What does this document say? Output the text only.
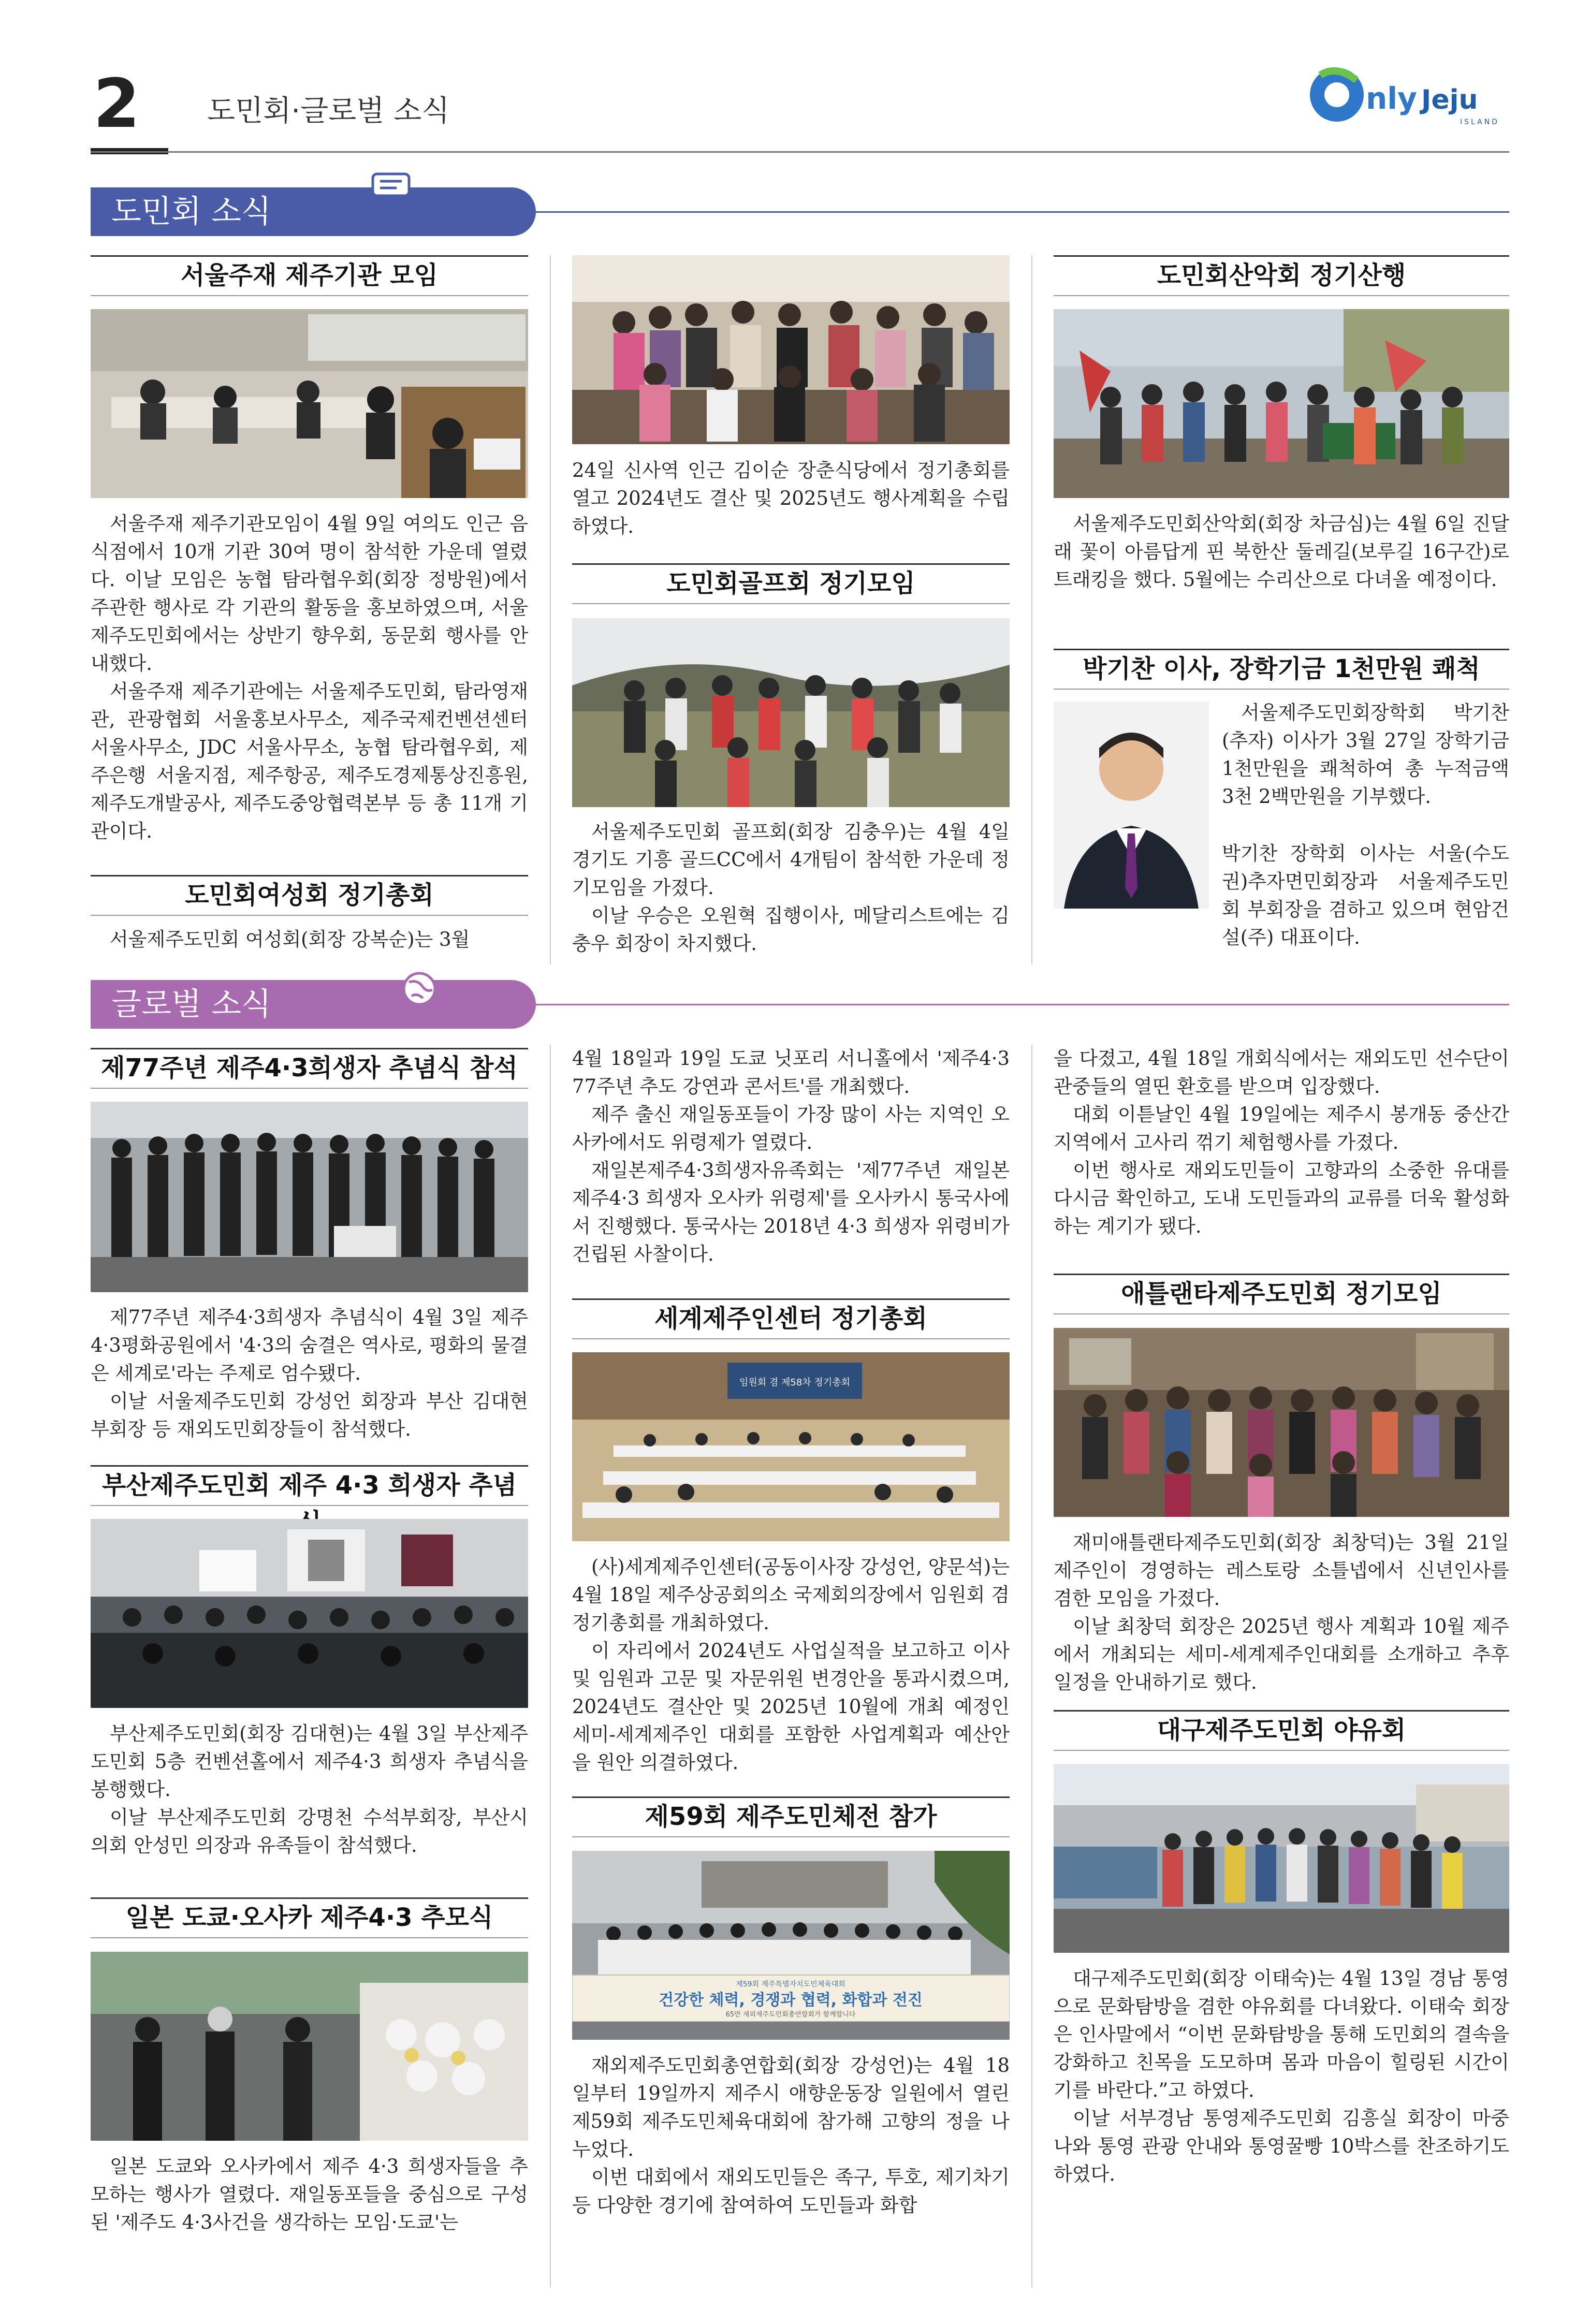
2 도민회·글로벌 소식	nly Jeju
ISLAND
도민회 소식
서울주재 제주기관 모임

서울주재 제주기관모임이 4월 9일 여의도 인근 음식점에서 10개 기관 30여 명이 참석한 가운데 열렸다. 이날 모임은 농협 탐라협우회(회장 정방원)에서 주관한 행사로 각 기관의 활동을 홍보하였으며, 서울제주도민회에서는 상반기 향우회, 동문회 행사를 안내했다.

서울주재 제주기관에는 서울제주도민회, 탐라영재관, 관광협회 서울홍보사무소, 제주국제컨벤션센터 서울사무소, JDC 서울사무소, 농협 탐라협우회, 제주은행 서울지점, 제주항공, 제주도경제통상진흥원, 제주도개발공사, 제주도중앙협력본부 등 총 11개 기관이다.

도민회여성회 정기총회

서울제주도민회 여성회(회장 강복순)는 3월

24일 신사역 인근 김이순 장춘식당에서 정기총회를 열고 2024년도 결산 및 2025년도 행사계획을 수립하였다.

도민회골프회 정기모임

서울제주도민회 골프회(회장 김충우)는 4월 4일 경기도 기흥 골드CC에서 4개팀이 참석한 가운데 정기모임을 가졌다.

이날 우승은 오원혁 집행이사, 메달리스트에는 김충우 회장이 차지했다.

도민회산악회 정기산행

서울제주도민회산악회(회장 차금심)는 4월 6일 진달래 꽃이 아름답게 핀 북한산 둘레길(보루길 16구간)로 트래킹을 했다. 5월에는 수리산으로 다녀올 예정이다.

박기찬 이사, 장학기금 1천만원 쾌척

서울제주도민회장학회 박기찬(추자) 이사가 3월 27일 장학기금 1천만원을 쾌척하여 총 누적금액 3천 2백만원을 기부했다.

박기찬 장학회 이사는 서울(수도권)추자면민회장과 서울제주도민회 부회장을 겸하고 있으며 현암건설(주) 대표이다.

글로벌 소식
제77주년 제주4·3희생자 추념식 참석

제77주년 제주4·3희생자 추념식이 4월 3일 제주4·3평화공원에서 '4·3의 숨결은 역사로, 평화의 물결은 세계로'라는 주제로 엄수됐다.

이날 서울제주도민회 강성언 회장과 부산 김대현 부회장 등 재외도민회장들이 참석했다.

부산제주도민회 제주 4·3 희생자 추념

부산제주도민회(회장 김대현)는 4월 3일 부산제주도민회 5층 컨벤션홀에서 제주4·3 희생자 추념식을 봉행했다.

이날 부산제주도민회 강명천 수석부회장, 부산시의회 안성민 의장과 유족들이 참석했다.

일본 도쿄·오사카 제주4·3 추모식

일본 도쿄와 오사카에서 제주 4·3 희생자들을 추모하는 행사가 열렸다. 재일동포들을 중심으로 구성된 '제주도 4·3사건을 생각하는 모임·도쿄'는

4월 18일과 19일 도쿄 닛포리 서니홀에서 '제주4·3 77주년 추도 강연과 콘서트'를 개최했다.

제주 출신 재일동포들이 가장 많이 사는 지역인 오사카에서도 위령제가 열렸다.

재일본제주4·3희생자유족회는 '제77주년 재일본 제주4·3 희생자 오사카 위령제'를 오사카시 통국사에서 진행했다. 통국사는 2018년 4·3 희생자 위령비가 건립된 사찰이다.

세계제주인센터 정기총회
임원회 겸 제58차 정기총회

(사)세계제주인센터(공동이사장 강성언, 양문석)는 4월 18일 제주상공회의소 국제회의장에서 임원회 겸 정기총회를 개최하였다.

이 자리에서 2024년도 사업실적을 보고하고 이사 및 임원과 고문 및 자문위원 변경안을 통과시켰으며, 2024년도 결산안 및 2025년 10월에 개최 예정인 세미-세계제주인 대회를 포함한 사업계획과 예산안을 원안 의결하였다.

제59회 제주도민체전 참가
제59회 제주특별자치도민체육대회
건강한 체력, 경쟁과 협력, 화합과 전진
65만 재외제주도민회총연합회가 함께합니다

재외제주도민회총연합회(회장 강성언)는 4월 18일부터 19일까지 제주시 애향운동장 일원에서 열린 제59회 제주도민체육대회에 참가해 고향의 정을 나누었다.

이번 대회에서 재외도민들은 족구, 투호, 제기차기 등 다양한 경기에 참여하여 도민들과 화합

을 다졌고, 4월 18일 개회식에서는 재외도민 선수단이 관중들의 열띤 환호를 받으며 입장했다.

대회 이튿날인 4월 19일에는 제주시 봉개동 중산간 지역에서 고사리 꺾기 체험행사를 가졌다.

이번 행사로 재외도민들이 고향과의 소중한 유대를 다시금 확인하고, 도내 도민들과의 교류를 더욱 활성화하는 계기가 됐다.

애틀랜타제주도민회 정기모임

재미애틀랜타제주도민회(회장 최창덕)는 3월 21일 제주인이 경영하는 레스토랑 소틀넵에서 신년인사를 겸한 모임을 가졌다.

이날 최창덕 회장은 2025년 행사 계획과 10월 제주에서 개최되는 세미-세계제주인대회를 소개하고 추후 일정을 안내하기로 했다.

대구제주도민회 야유회

대구제주도민회(회장 이태숙)는 4월 13일 경남 통영으로 문화탐방을 겸한 야유회를 다녀왔다. 이태숙 회장은 인사말에서 “이번 문화탐방을 통해 도민회의 결속을 강화하고 친목을 도모하며 몸과 마음이 힐링된 시간이기를 바란다.”고 하였다.

이날 서부경남 통영제주도민회 김흥실 회장이 마중 나와 통영 관광 안내와 통영꿀빵 10박스를 찬조하기도 하였다.
